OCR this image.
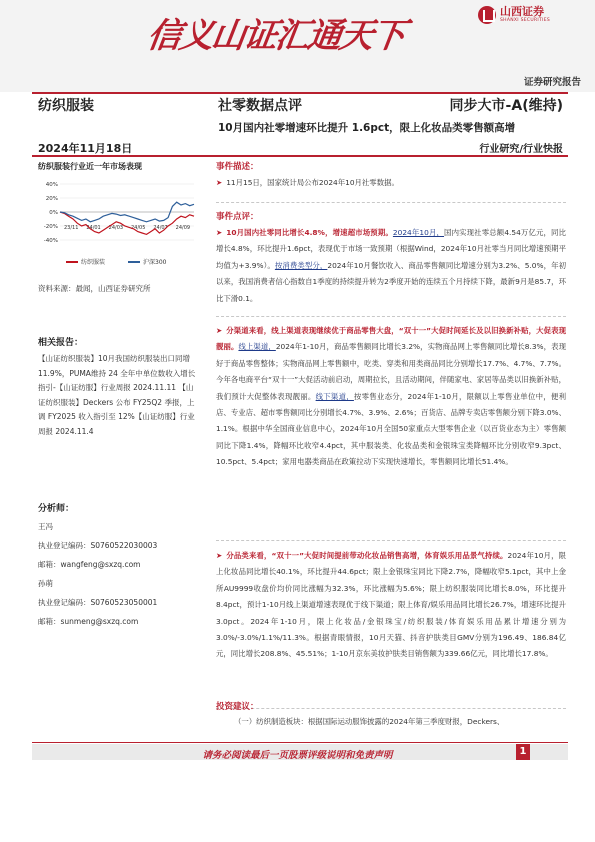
信义山证汇通天下
山西证券
SHANXI SECURITIES
证券研究报告
纺织服装	社零数据点评	同步大市-A(维持)
10月国内社零增速环比提升 1.6pct，限上化妆品类零售额高增
2024年11月18日	行业研究/行业快报
纺织服装行业近一年市场表现
40%
20%
0%
-20%
-40%
23/11 24/01 24/03 24/05 24/07 24/09
纺织服装	沪深300
资料来源：最闻，山西证券研究所
相关报告：
【山证纺织服装】10月我国纺织服装出口同增 11.9%，PUMA维持 24 全年中单位数收入增长指引-【山证纺服】行业周报 2024.11.11 【山证纺织服装】Deckers 公布 FY25Q2 季报，上调 FY2025 收入指引至 12%【山证纺服】行业周报 2024.11.4
分析师：
王冯
执业登记编码：S0760522030003
邮箱：wangfeng@sxzq.com
孙萌
执业登记编码：S0760523050001
邮箱：sunmeng@sxzq.com
事件描述：
➤ 11月15日，国家统计局公布2024年10月社零数据。
事件点评：
➤ 10月国内社零同比增长4.8%，增速超市场预期。2024年10月，国内实现社零总额4.54万亿元，同比增长4.8%，环比提升1.6pct，表现优于市场一致预期（根据Wind，2024年10月社零当月同比增速预期平均值为+3.9%）。按消费类型分，2024年10月餐饮收入、商品零售额同比增速分别为3.2%、5.0%，年初以来，我国消费者信心指数自1季度的持续提升转为2季度开始的连续五个月持续下降，最新9月是85.7，环比下滑0.1。
➤ 分渠道来看，线上渠道表现继续优于商品零售大盘，“双十一”大促时间延长及以旧换新补贴，大促表现靓丽。线上渠道，2024年1-10月，商品零售额同比增长3.2%，实物商品网上零售额同比增长8.3%，表现好于商品零售整体；实物商品网上零售额中，吃类、穿类和用类商品同比分别增长17.7%、4.7%、7.7%。今年各电商平台“双十一”大促活动前启动，周期拉长，且活动期间，伴随家电、家居等品类以旧换新补贴，我们预计大促整体表现靓丽。线下渠道，按零售业态分，2024年1-10月，限额以上零售业单位中，便利店、专业店、超市零售额同比分别增长4.7%、3.9%、2.6%；百货店、品牌专卖店零售额分别下降3.0%、1.1%。根据中华全国商业信息中心，2024年10月全国50家重点大型零售企业（以百货业态为主）零售额同比下降1.4%，降幅环比收窄4.4pct，其中服装类、化妆品类和金银珠宝类降幅环比分别收窄9.3pct、10.5pct、5.4pct；家用电器类商品在政策拉动下实现快速增长，零售额同比增长51.4%。
➤ 分品类来看，“双十一”大促时间提前带动化妆品销售高增，体育娱乐用品景气持续。2024年10月，限上化妆品同比增长40.1%，环比提升44.6pct；限上金银珠宝同比下降2.7%，降幅收窄5.1pct，其中上金所AU9999收盘价均价同比涨幅为32.3%，环比涨幅为5.6%；限上纺织服装同比增长8.0%，环比提升8.4pct，预计1-10月线上渠道增速表现优于线下渠道；限上体育/娱乐用品同比增长26.7%，增速环比提升3.0pct。2024年1-10月，限上化妆品/金银珠宝/纺织服装/体育娱乐用品累计增速分别为3.0%/-3.0%/1.1%/11.3%。根据青眼情报，10月天猫、抖音护肤类目GMV分别为196.49、186.84亿元，同比增长208.8%、45.51%；1-10月京东美妆护肤类目销售额为339.66亿元，同比增长17.8%。
投资建议：
（一）纺织制造板块：根据国际运动服饰披露的2024年第三季度财报，Deckers、
请务必阅读最后一页股票评级说明和免责声明	1
